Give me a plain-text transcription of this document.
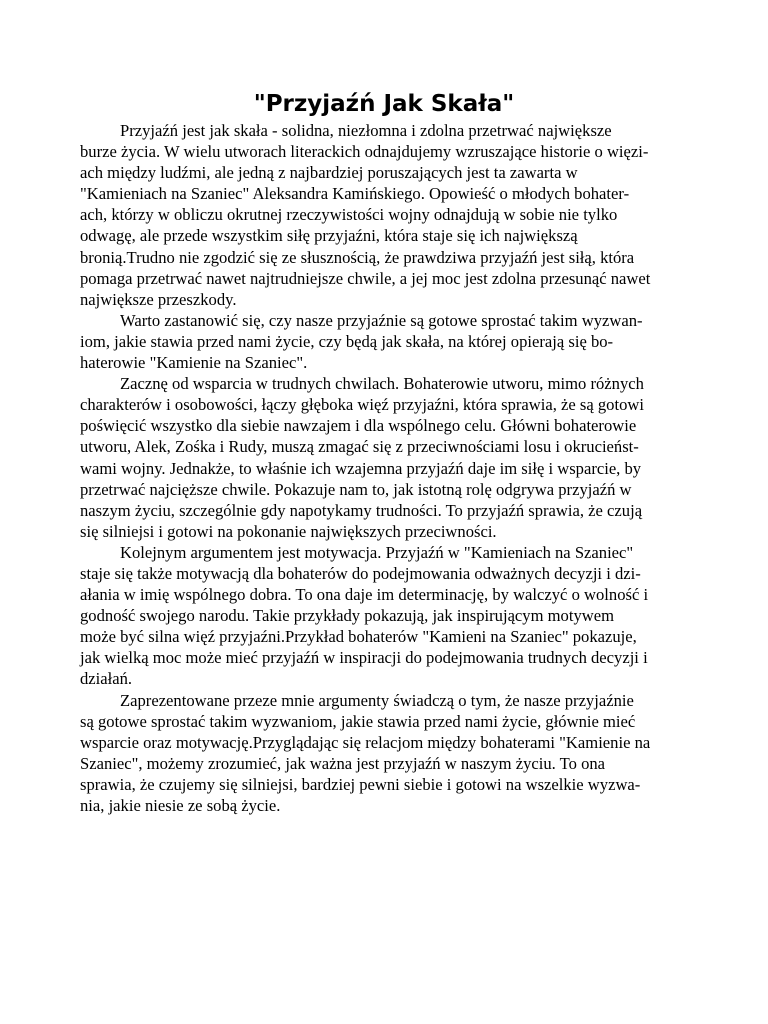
"Przyjaźń Jak Skała"
Przyjaźń jest jak skała - solidna, niezłomna i zdolna przetrwać największe
burze życia. W wielu utworach literackich odnajdujemy wzruszające historie o więzi-
ach między ludźmi, ale jedną z najbardziej poruszających jest ta zawarta w
"Kamieniach na Szaniec" Aleksandra Kamińskiego. Opowieść o młodych bohater-
ach, którzy w obliczu okrutnej rzeczywistości wojny odnajdują w sobie nie tylko
odwagę, ale przede wszystkim siłę przyjaźni, która staje się ich największą
bronią.Trudno nie zgodzić się ze słusznością, że prawdziwa przyjaźń jest siłą, która
pomaga przetrwać nawet najtrudniejsze chwile, a jej moc jest zdolna przesunąć nawet
największe przeszkody.
Warto zastanowić się, czy nasze przyjaźnie są gotowe sprostać takim wyzwan-
iom, jakie stawia przed nami życie, czy będą jak skała, na której opierają się bo-
haterowie "Kamienie na Szaniec".
Zacznę od wsparcia w trudnych chwilach. Bohaterowie utworu, mimo różnych
charakterów i osobowości, łączy głęboka więź przyjaźni, która sprawia, że są gotowi
poświęcić wszystko dla siebie nawzajem i dla wspólnego celu. Główni bohaterowie
utworu, Alek, Zośka i Rudy, muszą zmagać się z przeciwnościami losu i okrucieńst-
wami wojny. Jednakże, to właśnie ich wzajemna przyjaźń daje im siłę i wsparcie, by
przetrwać najcięższe chwile. Pokazuje nam to, jak istotną rolę odgrywa przyjaźń w
naszym życiu, szczególnie gdy napotykamy trudności. To przyjaźń sprawia, że czują
się silniejsi i gotowi na pokonanie największych przeciwności.
Kolejnym argumentem jest motywacja. Przyjaźń w "Kamieniach na Szaniec"
staje się także motywacją dla bohaterów do podejmowania odważnych decyzji i dzi-
ałania w imię wspólnego dobra. To ona daje im determinację, by walczyć o wolność i
godność swojego narodu. Takie przykłady pokazują, jak inspirującym motywem
może być silna więź przyjaźni.Przykład bohaterów "Kamieni na Szaniec" pokazuje,
jak wielką moc może mieć przyjaźń w inspiracji do podejmowania trudnych decyzji i
działań.
Zaprezentowane przeze mnie argumenty świadczą o tym, że nasze przyjaźnie
są gotowe sprostać takim wyzwaniom, jakie stawia przed nami życie, głównie mieć
wsparcie oraz motywację.Przyglądając się relacjom między bohaterami "Kamienie na
Szaniec", możemy zrozumieć, jak ważna jest przyjaźń w naszym życiu. To ona
sprawia, że czujemy się silniejsi, bardziej pewni siebie i gotowi na wszelkie wyzwa-
nia, jakie niesie ze sobą życie.
